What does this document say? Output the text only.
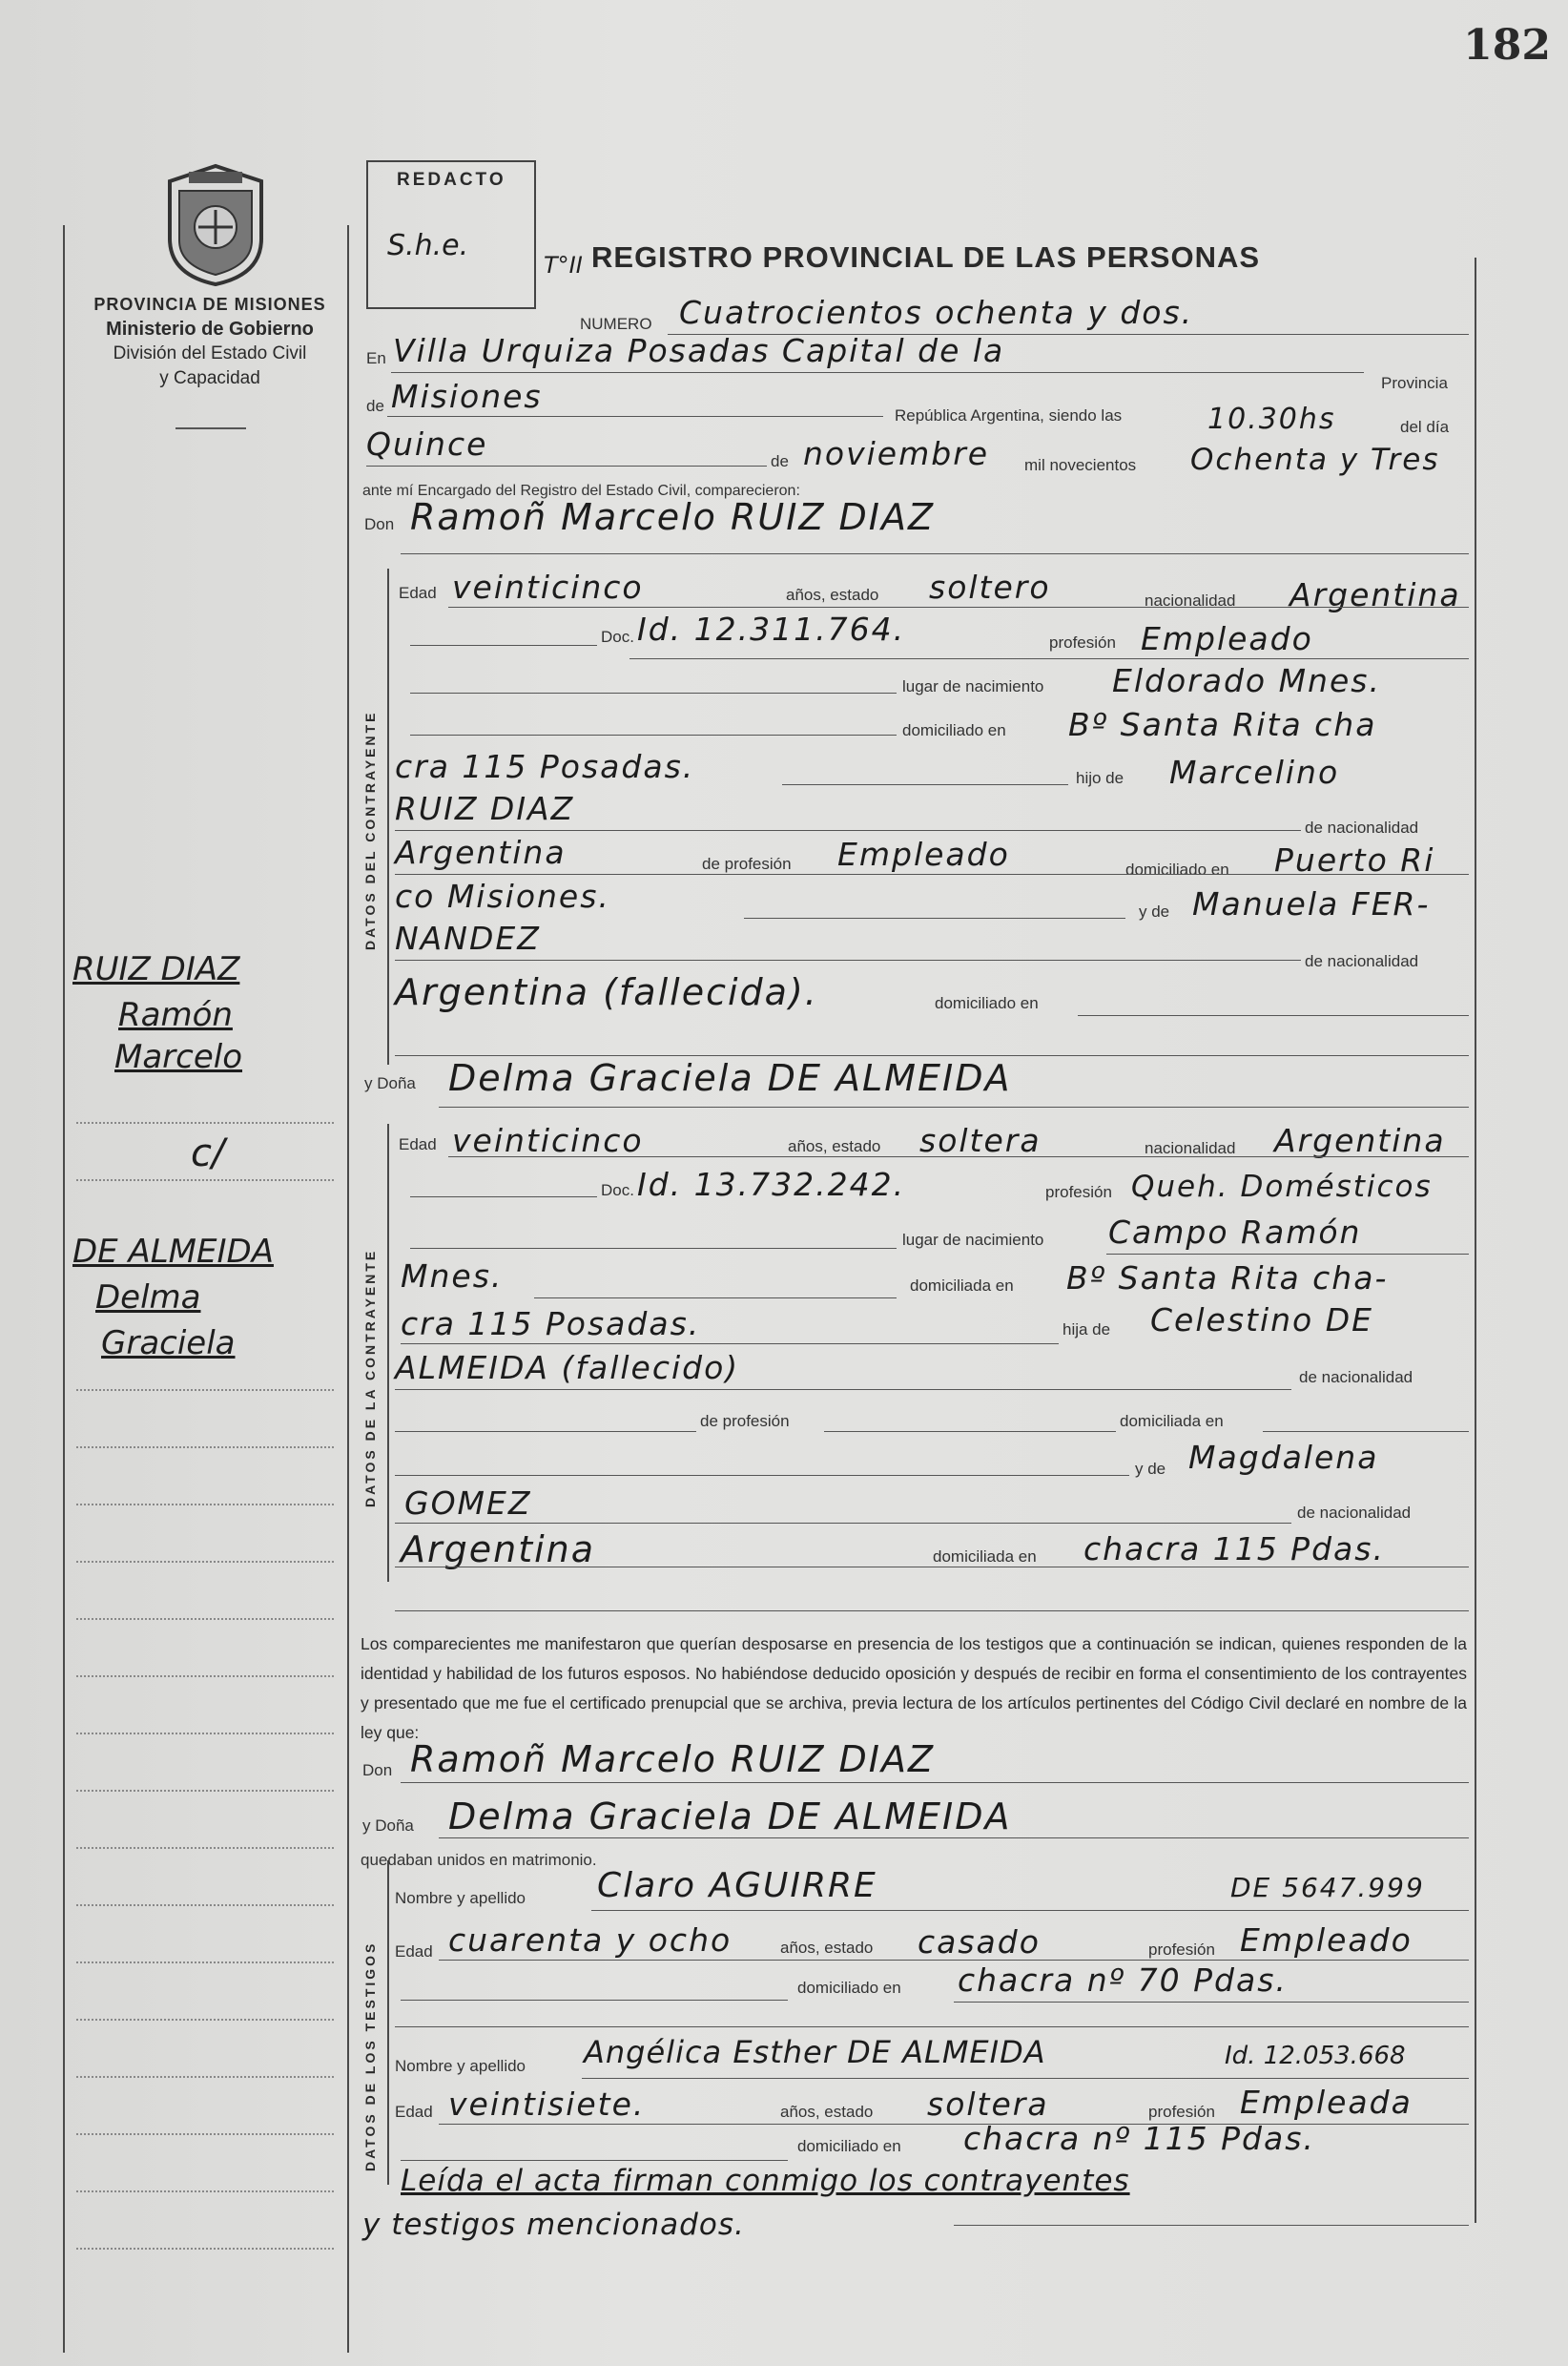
182
PROVINCIA DE MISIONES
Ministerio de Gobierno
División del Estado Civil
y Capacidad
REDACTO
S.h.e.
T°II REGISTRO PROVINCIAL DE LAS PERSONAS
NUMERO Cuatrocientos ochenta y dos.
En Villa Urquiza Posadas Capital de la
Provincia
de Misiones
República Argentina, siendo las	10.30hs	del día
Quince	de noviembre mil novecientos Ochenta y Tres
ante mí Encargado del Registro del Estado Civil, comparecieron:
Don Ramoñ Marcelo RUIZ DIAZ
DATOS DEL CONTRAYENTE
Edad veinticinco	años, estado soltero	nacionalidad Argentina
Doc. Id. 12.311.764.	profesión Empleado
lugar de nacimiento Eldorado Mnes.
domiciliado en Bº Santa Rita cha
cra 115 Posadas.	hijo de Marcelino
RUIZ DIAZ
de nacionalidad
Argentina	de profesión Empleado	domiciliado en Puerto Ri
co Misiones.	y de Manuela FER-
NANDEZ
de nacionalidad
Argentina (fallecida).	domiciliado en
y Doña Delma Graciela DE ALMEIDA
DATOS DE LA CONTRAYENTE
Edad veinticinco	años, estado soltera	nacionalidad Argentina
Doc. Id. 13.732.242.	profesión Queh. Domésticos
lugar de nacimiento Campo Ramón
Mnes.	domiciliada en Bº Santa Rita cha-
cra 115 Posadas.	hija de Celestino DE
ALMEIDA (fallecido)	de nacionalidad
de profesión	domiciliada en
y de Magdalena
GOMEZ	de nacionalidad
Argentina	domiciliada en chacra 115 Pdas.
Los comparecientes me manifestaron que querían desposarse en presencia de los testigos que a continuación se indican, quienes responden de la identidad y habilidad de los futuros esposos. No habiéndose deducido oposición y después de recibir en forma el consentimiento de los contrayentes y presentado que me fue el certificado prenupcial que se archiva, previa lectura de los artículos pertinentes del Código Civil declaré en nombre de la ley que:
Don Ramoñ Marcelo RUIZ DIAZ
y Doña Delma Graciela DE ALMEIDA
quedaban unidos en matrimonio.
DATOS DE LOS TESTIGOS
Nombre y apellido Claro AGUIRRE	DE 5647.999
Edad cuarenta y ocho	años, estado casado	profesión Empleado
domiciliado en chacra nº 70 Pdas.
Nombre y apellido Angélica Esther DE ALMEIDA	Id. 12.053.668
Edad veintisiete.	años, estado soltera	profesión Empleada
domiciliado en chacra nº 115 Pdas.
Leída el acta firman conmigo los contrayentes
y testigos mencionados.
RUIZ DIAZ
Ramón
Marcelo
c/
DE ALMEIDA
Delma
Graciela
